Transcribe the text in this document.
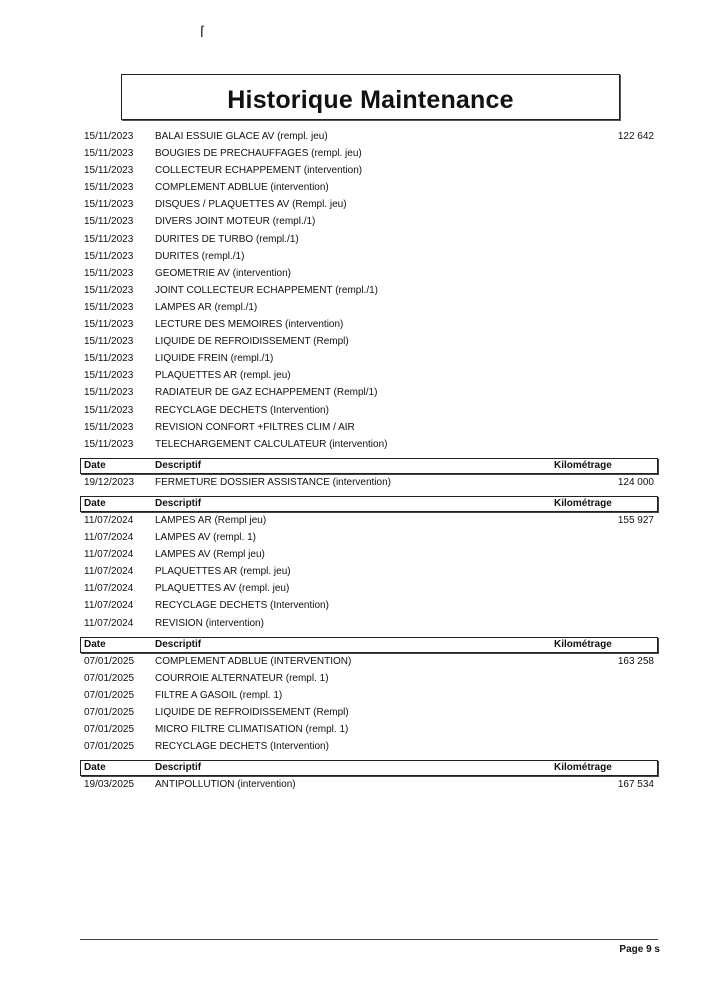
ſ
Historique Maintenance
15/11/2023 BALAI ESSUIE GLACE AV (rempl. jeu)	122 642
15/11/2023 BOUGIES DE PRECHAUFFAGES (rempl. jeu)
15/11/2023 COLLECTEUR ECHAPPEMENT (intervention)
15/11/2023 COMPLEMENT ADBLUE (intervention)
15/11/2023 DISQUES / PLAQUETTES AV (Rempl. jeu)
15/11/2023 DIVERS JOINT MOTEUR (rempl./1)
15/11/2023 DURITES DE TURBO (rempl./1)
15/11/2023 DURITES (rempl./1)
15/11/2023 GEOMETRIE AV (intervention)
15/11/2023 JOINT COLLECTEUR ECHAPPEMENT (rempl./1)
15/11/2023 LAMPES AR (rempl./1)
15/11/2023 LECTURE DES MEMOIRES (intervention)
15/11/2023 LIQUIDE DE REFROIDISSEMENT (Rempl)
15/11/2023 LIQUIDE FREIN (rempl./1)
15/11/2023 PLAQUETTES AR (rempl. jeu)
15/11/2023 RADIATEUR DE GAZ ECHAPPEMENT (Rempl/1)
15/11/2023 RECYCLAGE DECHETS (Intervention)
15/11/2023 REVISION CONFORT +FILTRES CLIM / AIR
15/11/2023 TELECHARGEMENT CALCULATEUR (intervention)
Date	Descriptif	Kilométrage
19/12/2023 FERMETURE DOSSIER ASSISTANCE (intervention)	124 000
Date	Descriptif	Kilométrage
11/07/2024 LAMPES AR (Rempl jeu)	155 927
11/07/2024 LAMPES AV (rempl. 1)
11/07/2024 LAMPES AV (Rempl jeu)
11/07/2024 PLAQUETTES AR (rempl. jeu)
11/07/2024 PLAQUETTES AV (rempl. jeu)
11/07/2024 RECYCLAGE DECHETS (Intervention)
11/07/2024 REVISION (intervention)
Date	Descriptif	Kilométrage
07/01/2025 COMPLEMENT ADBLUE (INTERVENTION)	163 258
07/01/2025 COURROIE ALTERNATEUR (rempl. 1)
07/01/2025 FILTRE A GASOIL (rempl. 1)
07/01/2025 LIQUIDE DE REFROIDISSEMENT (Rempl)
07/01/2025 MICRO FILTRE CLIMATISATION (rempl. 1)
07/01/2025 RECYCLAGE DECHETS (Intervention)
Date	Descriptif	Kilométrage
19/03/2025 ANTIPOLLUTION (intervention)	167 534
Page 9 s
